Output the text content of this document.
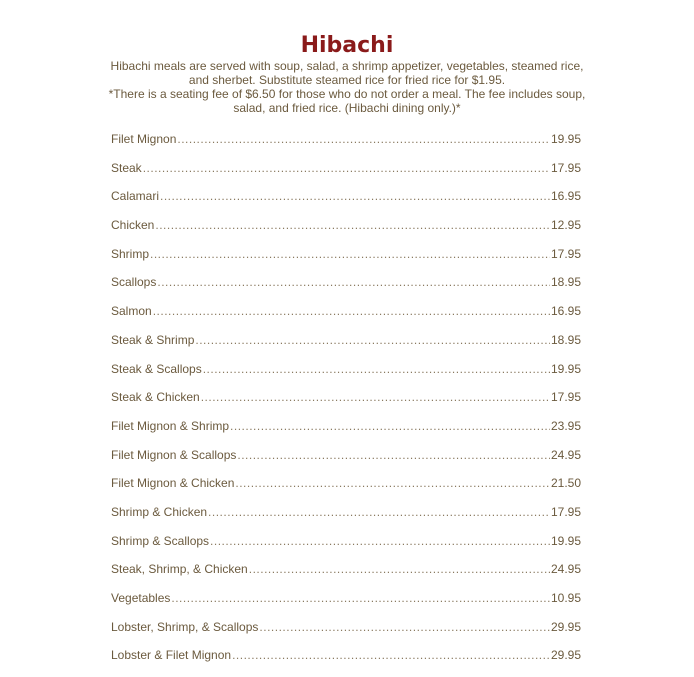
Hibachi

Hibachi meals are served with soup, salad, a shrimp appetizer, vegetables, steamed rice, and sherbet. Substitute steamed rice for fried rice for $1.95.

*There is a seating fee of $6.50 for those who do not order a meal. The fee includes soup, salad, and fried rice. (Hibachi dining only.)*

Filet Mignon .....	19.95
Steak .....	17.95
Calamari .....	16.95
Chicken .....	12.95
Shrimp .....	17.95
Scallops .....	18.95
Salmon .....	16.95
Steak & Shrimp .....	18.95
Steak & Scallops .....	19.95
Steak & Chicken .....	17.95
Filet Mignon & Shrimp .....	23.95
Filet Mignon & Scallops .....	24.95
Filet Mignon & Chicken .....	21.50
Shrimp & Chicken .....	17.95
Shrimp & Scallops .....	19.95
Steak, Shrimp, & Chicken .....	24.95
Vegetables .....	10.95
Lobster, Shrimp, & Scallops .....	29.95
Lobster & Filet Mignon .....	29.95
